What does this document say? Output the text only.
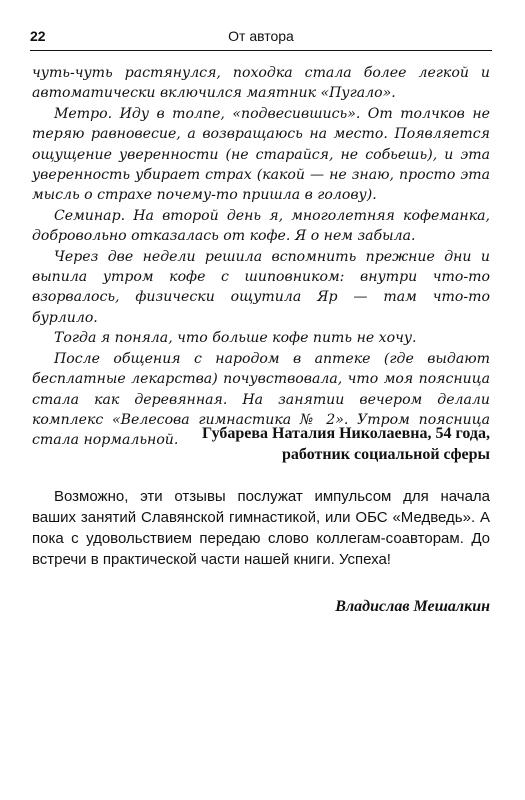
22	От автора

чуть-чуть растянулся, походка стала более легкой и автоматически включился маятник «Пугало».

Метро. Иду в толпе, «подвесившись». От толчков не теряю равновесие, а возвращаюсь на место. Появляется ощущение уверенности (не старайся, не собьешь), и эта уверенность убирает страх (какой — не знаю, просто эта мысль о страхе почему-то пришла в голову).

Семинар. На второй день я, многолетняя кофеманка, добровольно отказалась от кофе. Я о нем забыла.

Через две недели решила вспомнить прежние дни и выпила утром кофе с шиповником: внутри что-то взорвалось, физически ощутила Яр — там что-то бурлило.

Тогда я поняла, что больше кофе пить не хочу.

После общения с народом в аптеке (где выдают бесплатные лекарства) почувствовала, что моя поясница стала как деревянная. На занятии вечером делали комплекс «Велесова гимнастика № 2». Утром поясница стала нормальной.	Губарева Наталия Николаевна, 54 года,
работник социальной сферы

Возможно, эти отзывы послужат импульсом для начала ваших занятий Славянской гимнастикой, или ОБС «Медведь». А пока с удовольствием передаю слово коллегам-соавторам. До встречи в практической части нашей книги. Успеха!

Владислав Мешалкин
